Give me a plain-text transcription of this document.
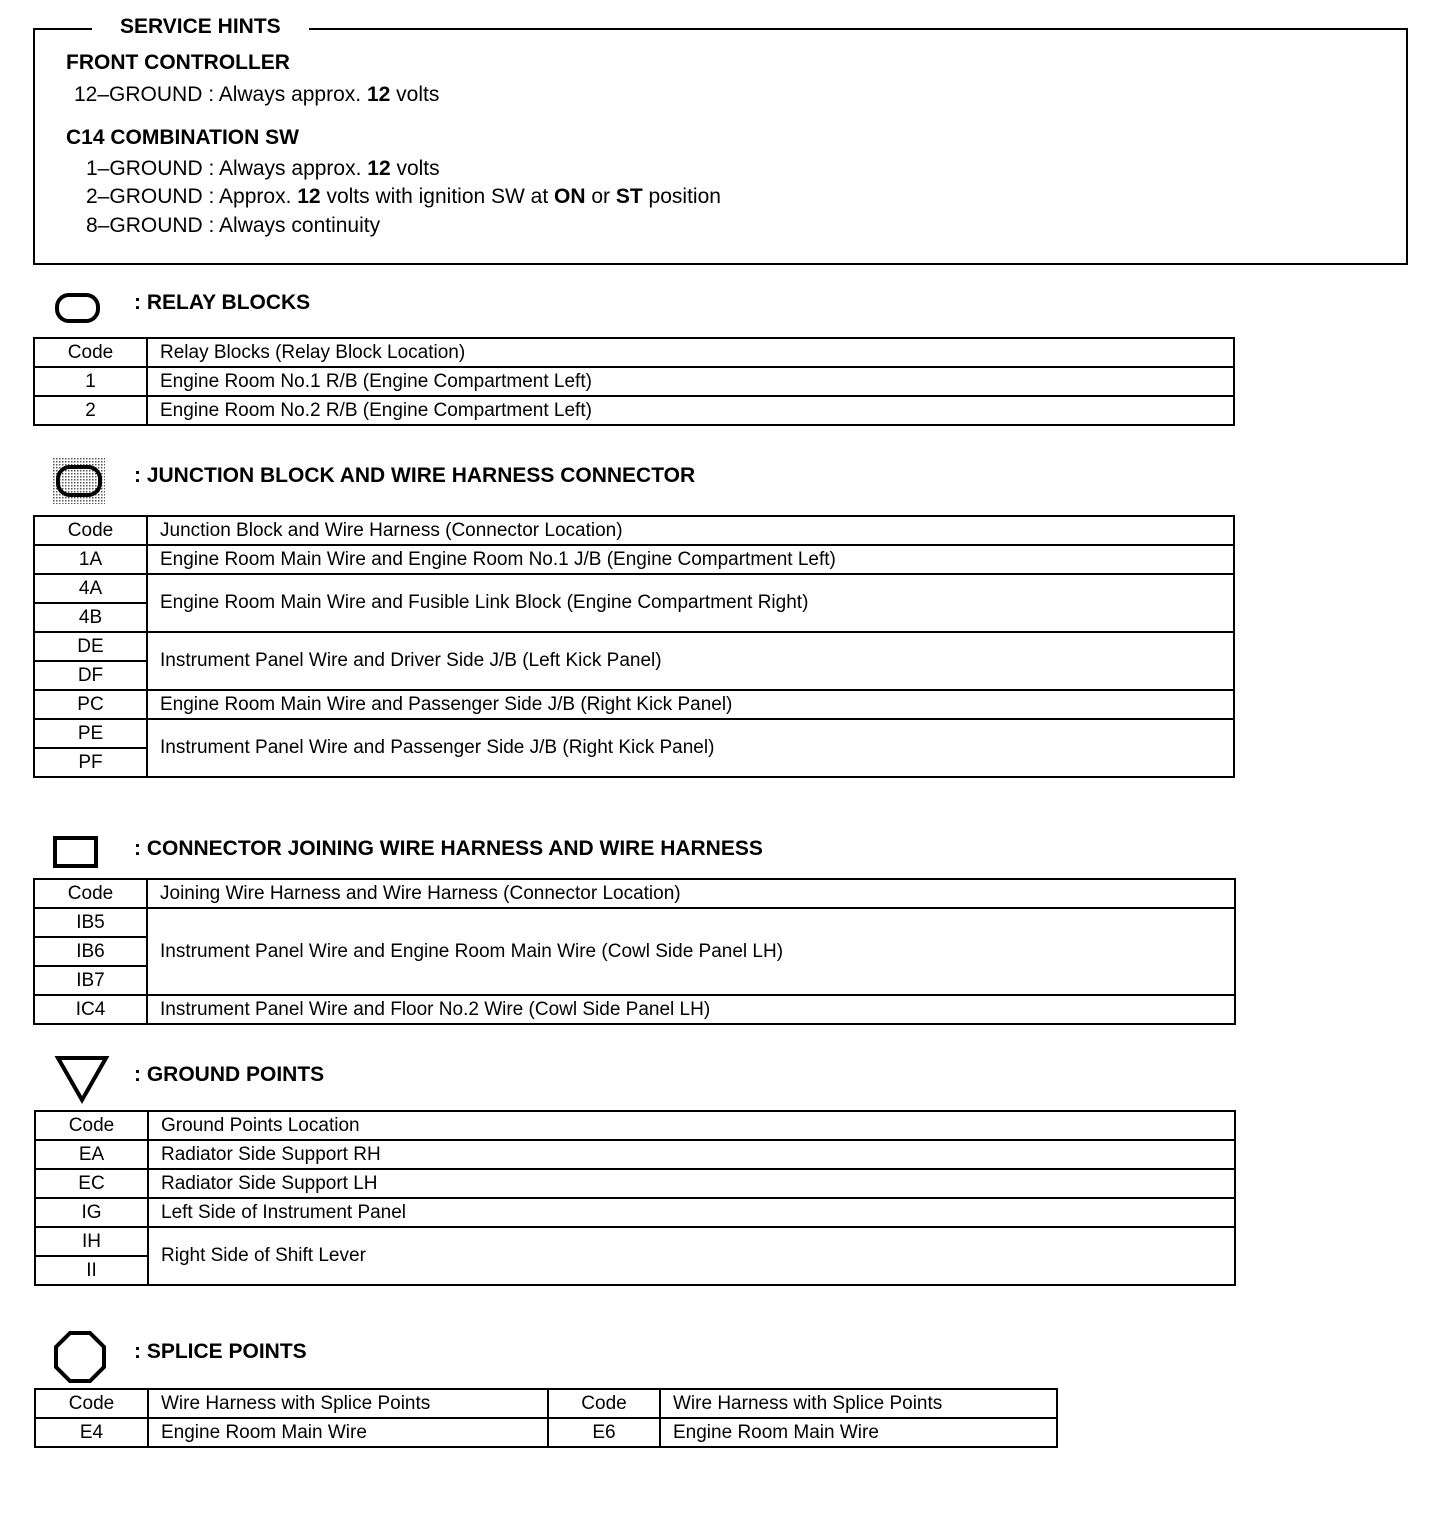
SERVICE HINTS
FRONT CONTROLLER
12–GROUND : Always approx. 12 volts
C14 COMBINATION SW
1–GROUND : Always approx. 12 volts
2–GROUND : Approx. 12 volts with ignition SW at ON or ST position
8–GROUND : Always continuity
: RELAY BLOCKS
Code	Relay Blocks (Relay Block Location)
1	Engine Room No.1 R/B (Engine Compartment Left)
2	Engine Room No.2 R/B (Engine Compartment Left)
: JUNCTION BLOCK AND WIRE HARNESS CONNECTOR
Code	Junction Block and Wire Harness (Connector Location)
1A	Engine Room Main Wire and Engine Room No.1 J/B (Engine Compartment Left)
4A	Engine Room Main Wire and Fusible Link Block (Engine Compartment Right)
4B	
DE	Instrument Panel Wire and Driver Side J/B (Left Kick Panel)
DF	
PC	Engine Room Main Wire and Passenger Side J/B (Right Kick Panel)
PE	Instrument Panel Wire and Passenger Side J/B (Right Kick Panel)
PF	
: CONNECTOR JOINING WIRE HARNESS AND WIRE HARNESS
Code	Joining Wire Harness and Wire Harness (Connector Location)
IB5	Instrument Panel Wire and Engine Room Main Wire (Cowl Side Panel LH)
IB6	
IB7	
IC4	Instrument Panel Wire and Floor No.2 Wire (Cowl Side Panel LH)
: GROUND POINTS
Code	Ground Points Location
EA	Radiator Side Support RH
EC	Radiator Side Support LH
IG	Left Side of Instrument Panel
IH	Right Side of Shift Lever
II	
: SPLICE POINTS
Code	Wire Harness with Splice Points	Code	Wire Harness with Splice Points
E4	Engine Room Main Wire	E6	Engine Room Main Wire
